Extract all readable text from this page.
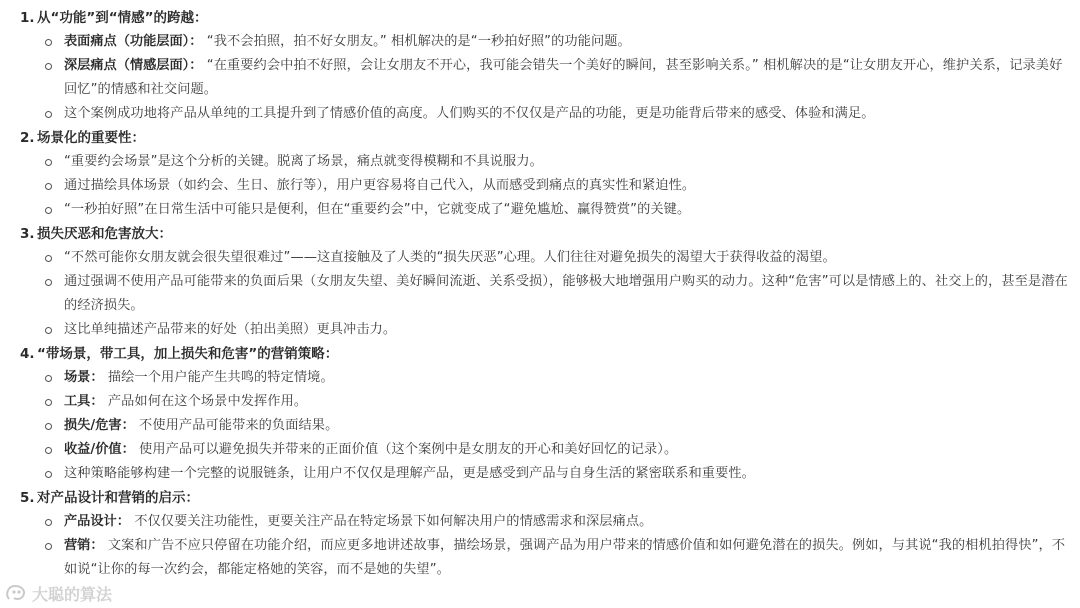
1. 从“功能”到“情感”的跨越：
表面痛点（功能层面）： “我不会拍照，拍不好女朋友。” 相机解决的是“一秒拍好照”的功能问题。
深层痛点（情感层面）： “在重要约会中拍不好照，会让女朋友不开心，我可能会错失一个美好的瞬间，甚至影响关系。” 相机解决的是“让女朋友开心，维护关系，记录美好回忆”的情感和社交问题。
这个案例成功地将产品从单纯的工具提升到了情感价值的高度。人们购买的不仅仅是产品的功能，更是功能背后带来的感受、体验和满足。
2. 场景化的重要性：
“重要约会场景”是这个分析的关键。脱离了场景，痛点就变得模糊和不具说服力。
通过描绘具体场景（如约会、生日、旅行等），用户更容易将自己代入，从而感受到痛点的真实性和紧迫性。
“一秒拍好照”在日常生活中可能只是便利，但在“重要约会”中，它就变成了“避免尴尬、赢得赞赏”的关键。
3. 损失厌恶和危害放大：
“不然可能你女朋友就会很失望很难过”——这直接触及了人类的“损失厌恶”心理。人们往往对避免损失的渴望大于获得收益的渴望。
通过强调不使用产品可能带来的负面后果（女朋友失望、美好瞬间流逝、关系受损），能够极大地增强用户购买的动力。这种“危害”可以是情感上的、社交上的，甚至是潜在的经济损失。
这比单纯描述产品带来的好处（拍出美照）更具冲击力。
4. “带场景，带工具，加上损失和危害”的营销策略：
场景： 描绘一个用户能产生共鸣的特定情境。
工具： 产品如何在这个场景中发挥作用。
损失/危害： 不使用产品可能带来的负面结果。
收益/价值： 使用产品可以避免损失并带来的正面价值（这个案例中是女朋友的开心和美好回忆的记录）。
这种策略能够构建一个完整的说服链条，让用户不仅仅是理解产品，更是感受到产品与自身生活的紧密联系和重要性。
5. 对产品设计和营销的启示：
产品设计： 不仅仅要关注功能性，更要关注产品在特定场景下如何解决用户的情感需求和深层痛点。
营销： 文案和广告不应只停留在功能介绍，而应更多地讲述故事，描绘场景，强调产品为用户带来的情感价值和如何避免潜在的损失。例如，与其说“我的相机拍得快”，不如说“让你的每一次约会，都能定格她的笑容，而不是她的失望”。
大聪的算法
